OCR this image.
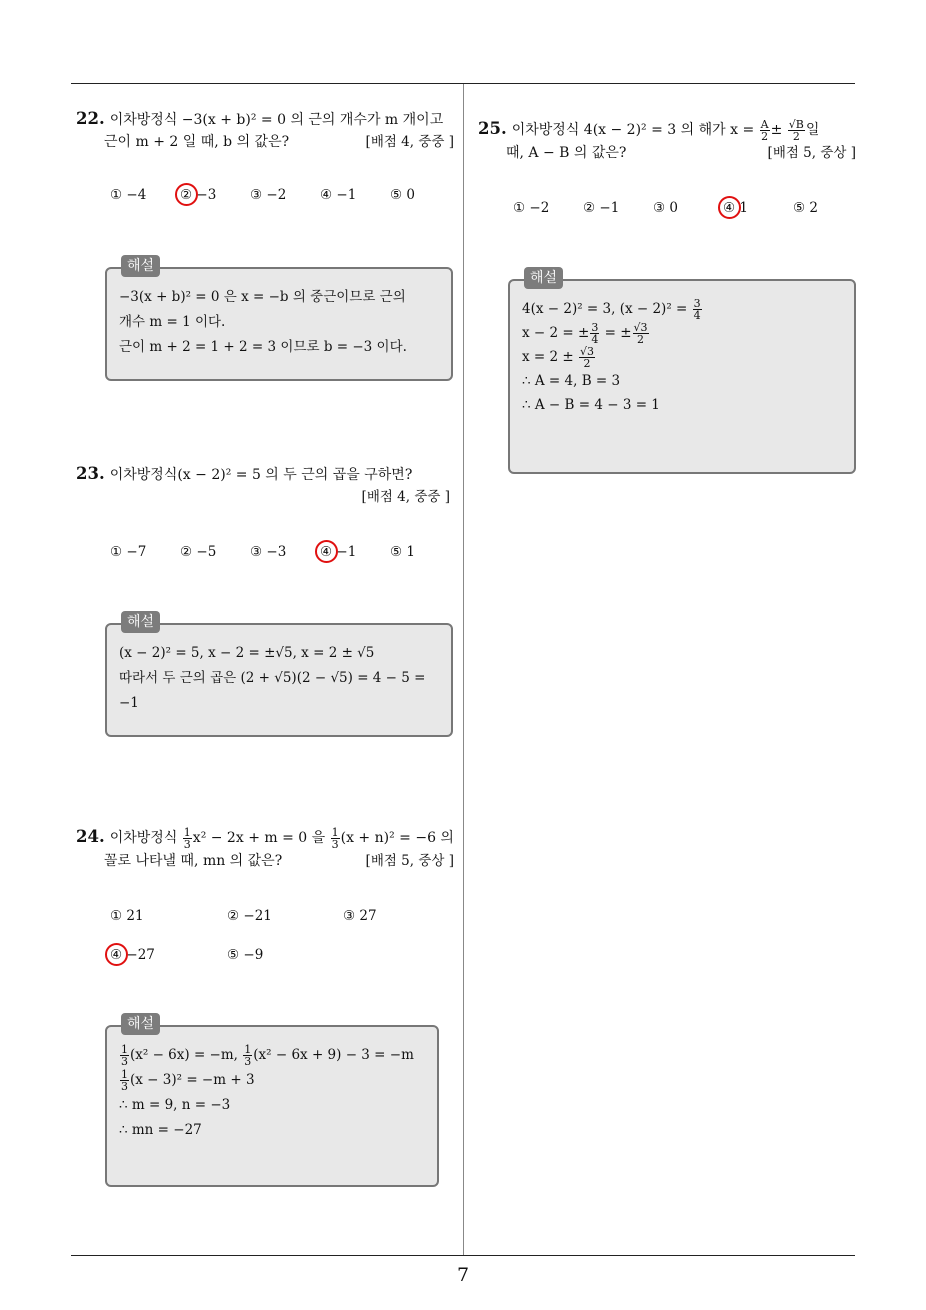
7
22. 이차방정식 −3(x + b)² = 0 의 근의 개수가 m 개이고
근이 m + 2 일 때, b 의 값은?	[배점 4, 중중 ]
① −4 ② −3 ③ −2 ④ −1 ⑤ 0
해설
−3(x + b)² = 0 은 x = −b 의 중근이므로 근의
개수 m = 1 이다.
근이 m + 2 = 1 + 2 = 3 이므로 b = −3 이다.
23. 이차방정식(x − 2)² = 5 의 두 근의 곱을 구하면?

[배점 4, 중중 ]
① −7 ② −5 ③ −3 ④ −1 ⑤ 1
해설
(x − 2)² = 5, x − 2 = ±√5, x = 2 ± √5
따라서 두 근의 곱은 (2 + √5)(2 − √5) = 4 − 5 =
−1
24. 이차방정식 $\frac{1}{3} x^2 - 2x + m = 0$ 을 $\frac{1}{3} (x + n)^2 = -6$ 의
꼴로 나타낼 때, mn 의 값은?	[배점 5, 중상 ]
① 21	② −21	③ 27
④ −27	⑤ −9
해설
$\frac{1}{3} (x^2 - 6x) = -m$, $\frac{1}{3} (x^2 - 6x + 9) - 3 = -m$
$\frac{1}{3} (x - 3)^2 = -m + 3$
∴ m = 9, n = −3
∴ mn = −27
25. 이차방정식 4(x − 2)² = 3 의 해가 $x = \frac{A}{2} \pm \frac{√B}{2}$ 일
때, A − B 의 값은?	[배점 5, 중상 ]
① −2 ② −1 ③ 0	④ 1	⑤ 2
해설
4(x − 2)² = 3, $(x - 2)^2 = \frac{3}{4}$
x − 2 = ± $\frac{3}{4}$ = ± $\frac{√3}{2}$
$x = 2 \pm \frac{√3}{2}$
∴ A = 4, B = 3
∴ A − B = 4 − 3 = 1
